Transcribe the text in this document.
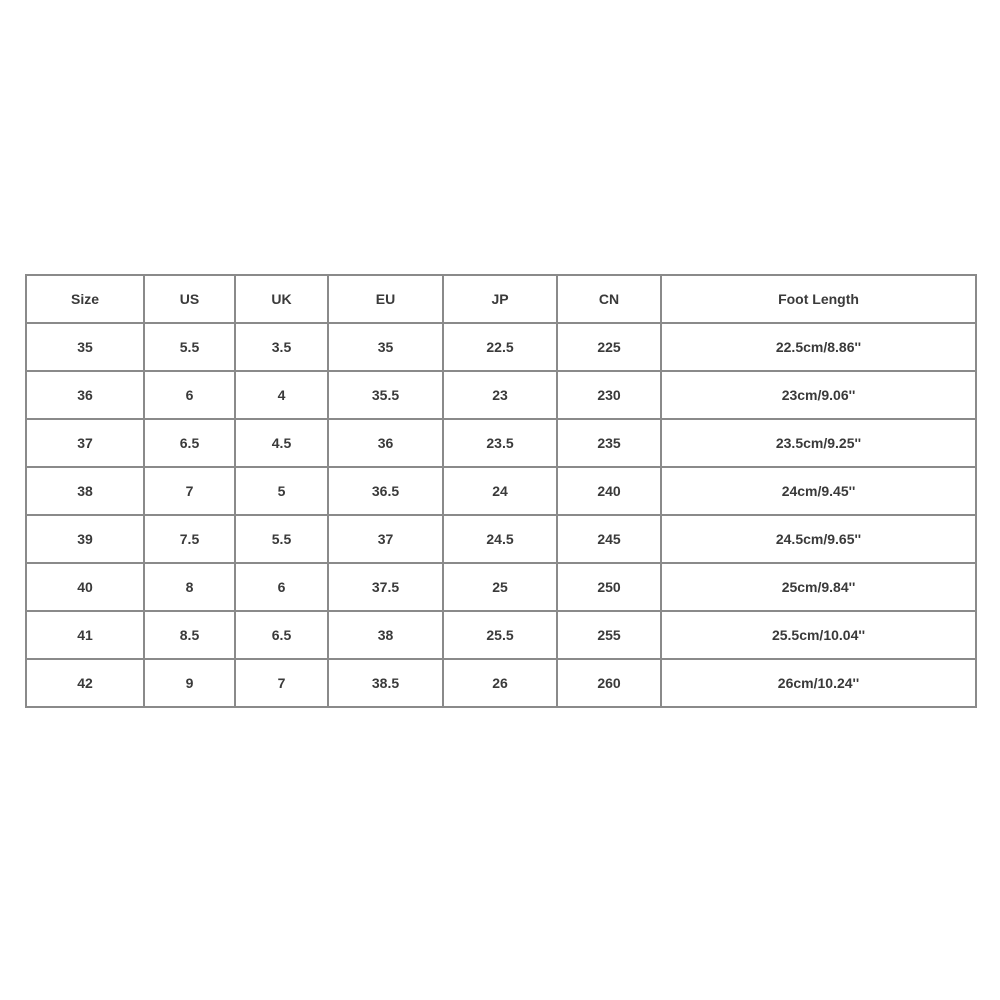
Size	US	UK	EU	JP	CN	Foot Length
35	5.5	3.5	35	22.5	225	22.5cm/8.86''
36	6	4	35.5	23	230	23cm/9.06''
37	6.5	4.5	36	23.5	235	23.5cm/9.25''
38	7	5	36.5	24	240	24cm/9.45''
39	7.5	5.5	37	24.5	245	24.5cm/9.65''
40	8	6	37.5	25	250	25cm/9.84''
41	8.5	6.5	38	25.5	255	25.5cm/10.04''
42	9	7	38.5	26	260	26cm/10.24''
